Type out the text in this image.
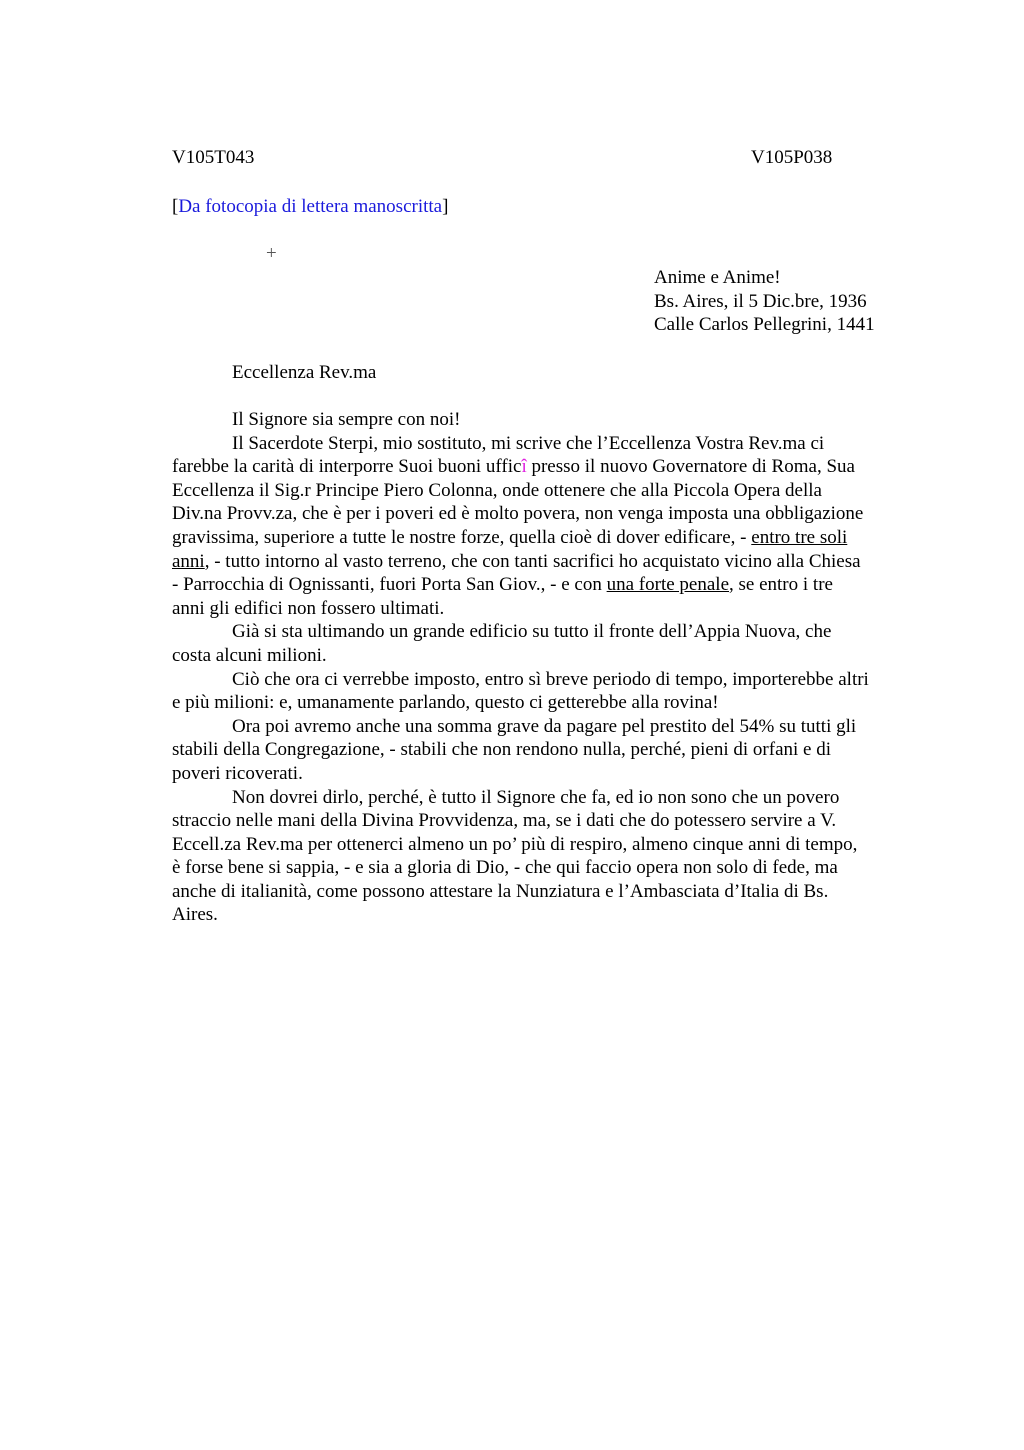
V105T043	V105P038
[Da fotocopia di lettera manoscritta]
+
Anime e Anime!
Bs. Aires, il 5 Dic.bre, 1936
Calle Carlos Pellegrini, 1441
Eccellenza Rev.ma
Il Signore sia sempre con noi!
Il Sacerdote Sterpi, mio sostituto, mi scrive che l’Eccellenza Vostra Rev.ma ci
farebbe la carità di interporre Suoi buoni ufficî presso il nuovo Governatore di Roma, Sua
Eccellenza il Sig.r Principe Piero Colonna, onde ottenere che alla Piccola Opera della
Div.na Provv.za, che è per i poveri ed è molto povera, non venga imposta una obbligazione
gravissima, superiore a tutte le nostre forze, quella cioè di dover edificare, - entro tre soli
anni, - tutto intorno al vasto terreno, che con tanti sacrifici ho acquistato vicino alla Chiesa
- Parrocchia di Ognissanti, fuori Porta San Giov., - e con una forte penale, se entro i tre
anni gli edifici non fossero ultimati.
Già si sta ultimando un grande edificio su tutto il fronte dell’Appia Nuova, che
costa alcuni milioni.
Ciò che ora ci verrebbe imposto, entro sì breve periodo di tempo, importerebbe altri
e più milioni: e, umanamente parlando, questo ci getterebbe alla rovina!
Ora poi avremo anche una somma grave da pagare pel prestito del 54% su tutti gli
stabili della Congregazione, - stabili che non rendono nulla, perché, pieni di orfani e di
poveri ricoverati.
Non dovrei dirlo, perché, è tutto il Signore che fa, ed io non sono che un povero
straccio nelle mani della Divina Provvidenza, ma, se i dati che do potessero servire a V.
Eccell.za Rev.ma per ottenerci almeno un po’ più di respiro, almeno cinque anni di tempo,
è forse bene si sappia, - e sia a gloria di Dio, - che qui faccio opera non solo di fede, ma
anche di italianità, come possono attestare la Nunziatura e l’Ambasciata d’Italia di Bs.
Aires.
